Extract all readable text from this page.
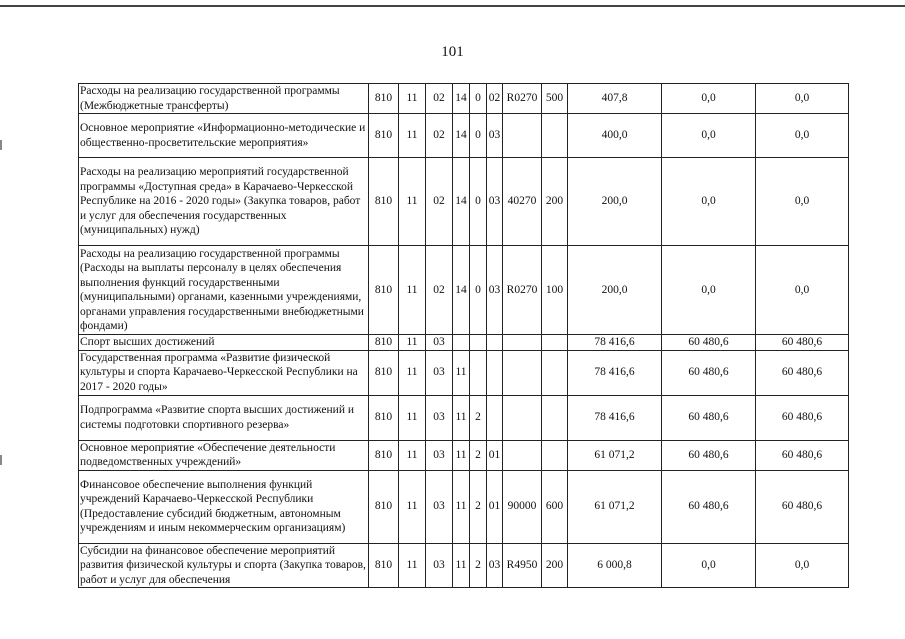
101
Расходы на реализацию государственной программы (Межбюджетные трансферты)	810	11	02	14	0	02	R0270	500	407,8	0,0	0,0
Основное мероприятие «Информационно-методические и общественно-просветительские мероприятия»	810	11	02	14	0	03			400,0	0,0	0,0
Расходы на реализацию мероприятий государственной программы «Доступная среда» в Карачаево-Черкесской Республике на 2016 - 2020 годы» (Закупка товаров, работ и услуг для обеспечения государственных (муниципальных) нужд)	810	11	02	14	0	03	40270	200	200,0	0,0	0,0
Расходы на реализацию государственной программы (Расходы на выплаты персоналу в целях обеспечения выполнения функций государственными (муниципальными) органами, казенными учреждениями, органами управления государственными внебюджетными фондами)	810	11	02	14	0	03	R0270	100	200,0	0,0	0,0
Спорт высших достижений	810	11	03						78 416,6	60 480,6	60 480,6
Государственная программа «Развитие физической культуры и спорта Карачаево-Черкесской Республики на 2017 - 2020 годы»	810	11	03	11					78 416,6	60 480,6	60 480,6
Подпрограмма «Развитие спорта высших достижений и системы подготовки спортивного резерва»	810	11	03	11	2				78 416,6	60 480,6	60 480,6
Основное мероприятие «Обеспечение деятельности подведомственных учреждений»	810	11	03	11	2	01			61 071,2	60 480,6	60 480,6
Финансовое обеспечение выполнения функций учреждений Карачаево-Черкесской Республики (Предоставление субсидий бюджетным, автономным учреждениям и иным некоммерческим организациям)	810	11	03	11	2	01	90000	600	61 071,2	60 480,6	60 480,6
Субсидии на финансовое обеспечение мероприятий развития физической культуры и спорта (Закупка товаров, работ и услуг для обеспечения	810	11	03	11	2	03	R4950	200	6 000,8	0,0	0,0
